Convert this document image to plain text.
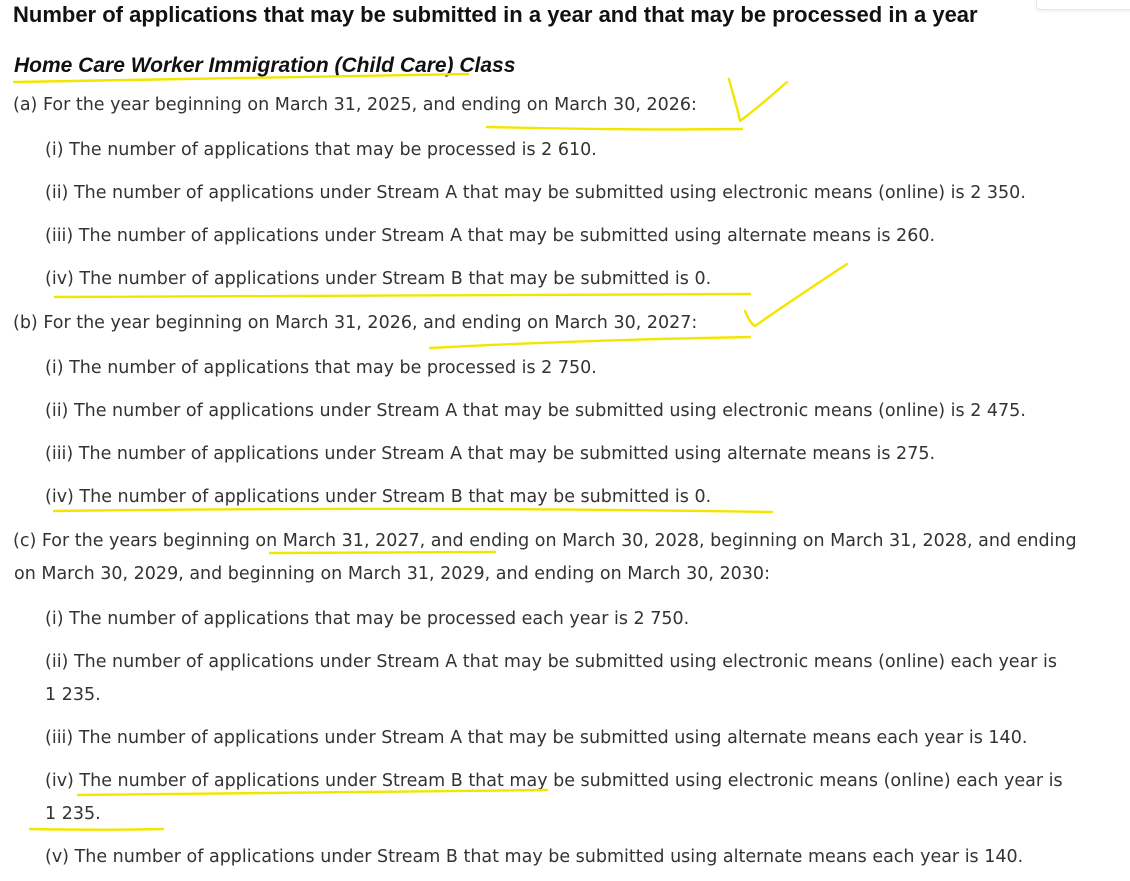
Number of applications that may be submitted in a year and that may be processed in a year
Home Care Worker Immigration (Child Care) Class

(a) For the year beginning on March 31, 2025, and ending on March 30, 2026:

(i) The number of applications that may be processed is 2 610.

(ii) The number of applications under Stream A that may be submitted using electronic means (online) is 2 350.

(iii) The number of applications under Stream A that may be submitted using alternate means is 260.

(iv) The number of applications under Stream B that may be submitted is 0.

(b) For the year beginning on March 31, 2026, and ending on March 30, 2027:

(i) The number of applications that may be processed is 2 750.

(ii) The number of applications under Stream A that may be submitted using electronic means (online) is 2 475.

(iii) The number of applications under Stream A that may be submitted using alternate means is 275.

(iv) The number of applications under Stream B that may be submitted is 0.

(c) For the years beginning on March 31, 2027, and ending on March 30, 2028, beginning on March 31, 2028, and ending

on March 30, 2029, and beginning on March 31, 2029, and ending on March 30, 2030:

(i) The number of applications that may be processed each year is 2 750.

(ii) The number of applications under Stream A that may be submitted using electronic means (online) each year is

1 235.

(iii) The number of applications under Stream A that may be submitted using alternate means each year is 140.

(iv) The number of applications under Stream B that may be submitted using electronic means (online) each year is

1 235.

(v) The number of applications under Stream B that may be submitted using alternate means each year is 140.
